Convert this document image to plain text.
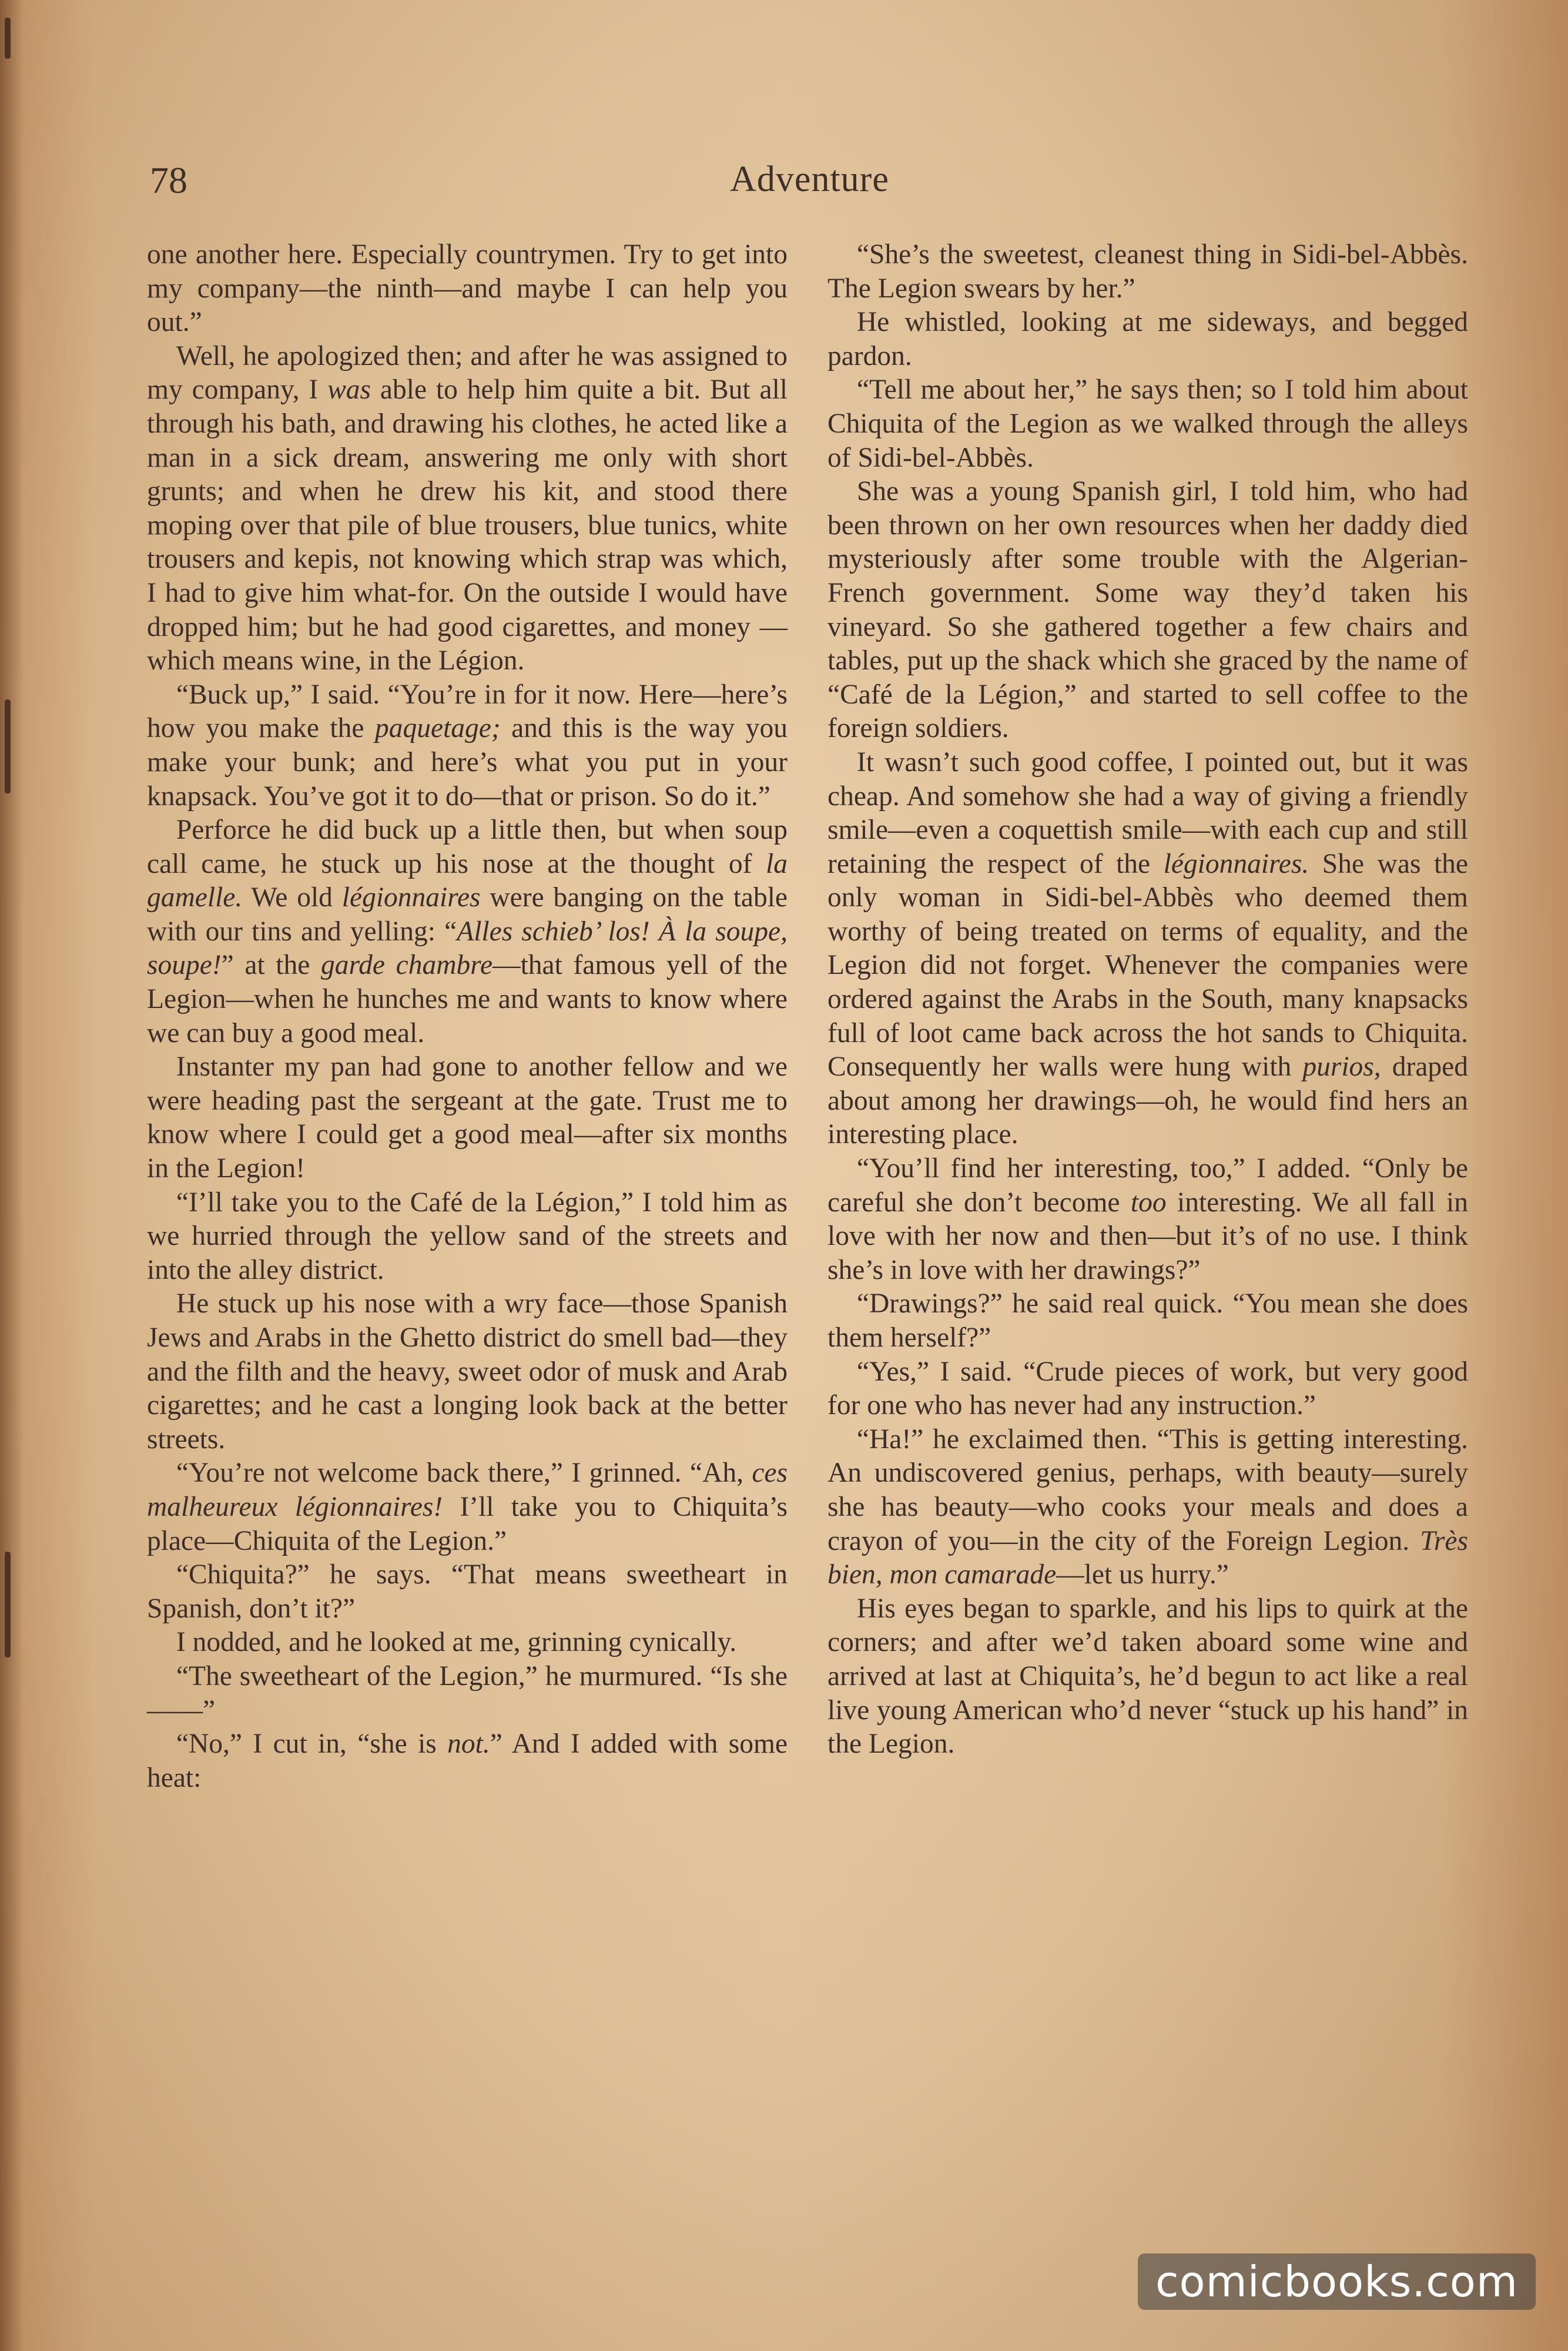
78	Adventure

one another here. Especially countrymen. Try to get into my company—the ninth—and maybe I can help you out.”

Well, he apologized then; and after he was assigned to my company, I was able to help him quite a bit. But all through his bath, and drawing his clothes, he acted like a man in a sick dream, answering me only with short grunts; and when he drew his kit, and stood there moping over that pile of blue trousers, blue tunics, white trousers and kepis, not knowing which strap was which, I had to give him what-for. On the outside I would have dropped him; but he had good cigarettes, and money —which means wine, in the Légion.

“Buck up,” I said. “You’re in for it now. Here—here’s how you make the paquetage; and this is the way you make your bunk; and here’s what you put in your knapsack. You’ve got it to do—that or prison. So do it.”

Perforce he did buck up a little then, but when soup call came, he stuck up his nose at the thought of la gamelle. We old légionnaires were banging on the table with our tins and yelling: “Alles schieb’ los! À la soupe, soupe!” at the garde chambre—that famous yell of the Legion—when he hunches me and wants to know where we can buy a good meal.

Instanter my pan had gone to another fellow and we were heading past the sergeant at the gate. Trust me to know where I could get a good meal—after six months in the Legion!

“I’ll take you to the Café de la Légion,” I told him as we hurried through the yellow sand of the streets and into the alley district.

He stuck up his nose with a wry face—those Spanish Jews and Arabs in the Ghetto district do smell bad—they and the filth and the heavy, sweet odor of musk and Arab cigarettes; and he cast a longing look back at the better streets.

“You’re not welcome back there,” I grinned. “Ah, ces malheureux légionnaires! I’ll take you to Chiquita’s place—Chiquita of the Legion.”

“Chiquita?” he says. “That means sweetheart in Spanish, don’t it?”

I nodded, and he looked at me, grinning cynically.

“The sweetheart of the Legion,” he murmured. “Is she——”

“No,” I cut in, “she is not.” And I added with some heat:

“She’s the sweetest, cleanest thing in Sidi-bel-Abbès. The Legion swears by her.”

He whistled, looking at me sideways, and begged pardon.

“Tell me about her,” he says then; so I told him about Chiquita of the Legion as we walked through the alleys of Sidi-bel-Abbès.

She was a young Spanish girl, I told him, who had been thrown on her own resources when her daddy died mysteriously after some trouble with the Algerian-French government. Some way they’d taken his vineyard. So she gathered together a few chairs and tables, put up the shack which she graced by the name of “Café de la Légion,” and started to sell coffee to the foreign soldiers.

It wasn’t such good coffee, I pointed out, but it was cheap. And somehow she had a way of giving a friendly smile—even a coquettish smile—with each cup and still retaining the respect of the légionnaires. She was the only woman in Sidi-bel-Abbès who deemed them worthy of being treated on terms of equality, and the Legion did not forget. Whenever the companies were ordered against the Arabs in the South, many knapsacks full of loot came back across the hot sands to Chiquita. Consequently her walls were hung with purios, draped about among her drawings—oh, he would find hers an interesting place.

“You’ll find her interesting, too,” I added. “Only be careful she don’t become too interesting. We all fall in love with her now and then—but it’s of no use. I think she’s in love with her drawings?”

“Drawings?” he said real quick. “You mean she does them herself?”

“Yes,” I said. “Crude pieces of work, but very good for one who has never had any instruction.”

“Ha!” he exclaimed then. “This is getting interesting. An undiscovered genius, perhaps, with beauty—surely she has beauty—who cooks your meals and does a crayon of you—in the city of the Foreign Legion. Très bien, mon camarade—let us hurry.”

His eyes began to sparkle, and his lips to quirk at the corners; and after we’d taken aboard some wine and arrived at last at Chiquita’s, he’d begun to act like a real live young American who’d never “stuck up his hand” in the Legion.

comicbooks.com
